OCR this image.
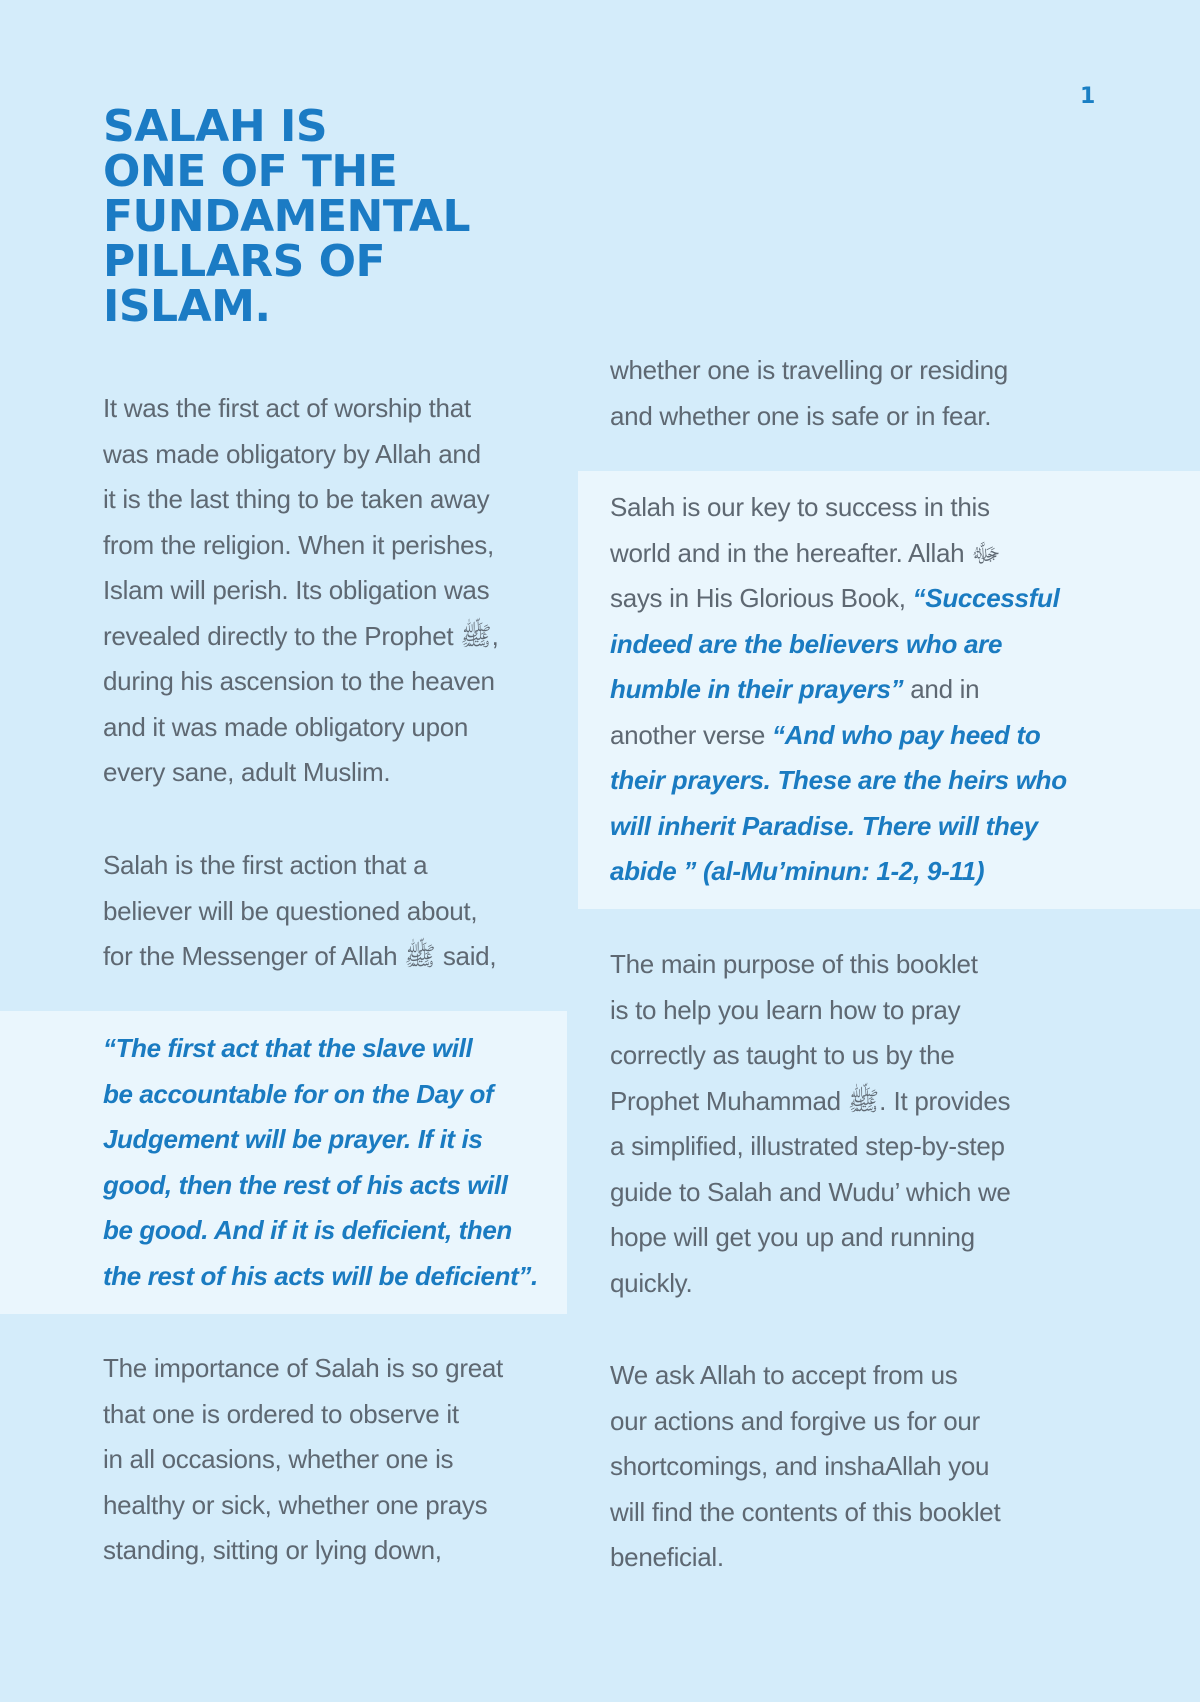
1
SALAH IS
ONE OF THE
FUNDAMENTAL
PILLARS OF
ISLAM.

It was the first act of worship that
was made obligatory by Allah and
it is the last thing to be taken away
from the religion. When it perishes,
Islam will perish. Its obligation was
revealed directly to the Prophet ﷺ,
during his ascension to the heaven
and it was made obligatory upon
every sane, adult Muslim.

Salah is the first action that a
believer will be questioned about,
for the Messenger of Allah ﷺ said,

“The first act that the slave will
be accountable for on the Day of
Judgement will be prayer. If it is
good, then the rest of his acts will
be good. And if it is deficient, then
the rest of his acts will be deficient”.

The importance of Salah is so great
that one is ordered to observe it
in all occasions, whether one is
healthy or sick, whether one prays
standing, sitting or lying down,

whether one is travelling or residing
and whether one is safe or in fear.

Salah is our key to success in this
world and in the hereafter. Allah ﷻ
says in His Glorious Book, “Successful
indeed are the believers who are
humble in their prayers” and in
another verse “And who pay heed to
their prayers. These are the heirs who
will inherit Paradise. There will they
abide ” (al-Mu’minun: 1-2, 9-11)

The main purpose of this booklet
is to help you learn how to pray
correctly as taught to us by the
Prophet Muhammad ﷺ. It provides
a simplified, illustrated step-by-step
guide to Salah and Wudu’ which we
hope will get you up and running
quickly.

We ask Allah to accept from us
our actions and forgive us for our
shortcomings, and inshaAllah you
will find the contents of this booklet
beneficial.
